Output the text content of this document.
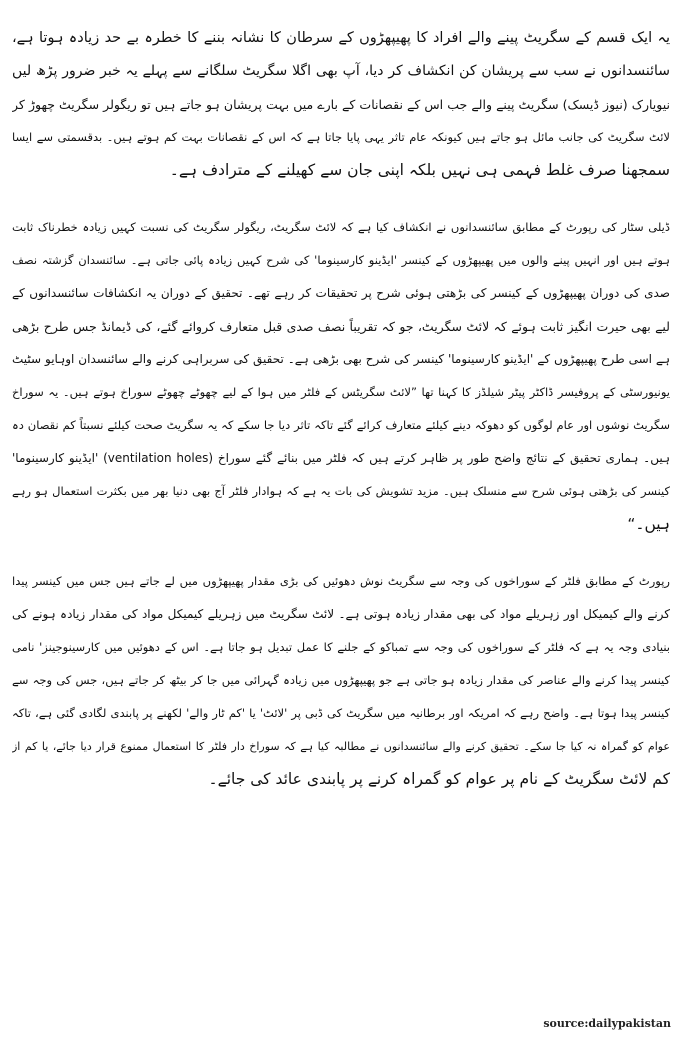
یہ ایک قسم کے سگریٹ پینے والے افراد کا پھیپھڑوں کے سرطان کا نشانہ بننے کا خطرہ بے حد زیادہ ہوتا ہے،
سائنسدانوں نے سب سے پریشان کن انکشاف کر دیا، آپ بھی اگلا سگریٹ سلگانے سے پہلے یہ خبر ضرور پڑھ لیں
نیویارک (نیوز ڈیسک) سگریٹ پینے والے جب اس کے نقصانات کے بارے میں بہت پریشان ہو جاتے ہیں تو ریگولر سگریٹ چھوڑ کر
لائٹ سگریٹ کی جانب مائل ہو جاتے ہیں کیونکہ عام تاثر یہی پایا جاتا ہے کہ اس کے نقصانات بہت کم ہوتے ہیں۔ بدقسمتی سے ایسا
سمجھنا صرف غلط فہمی ہی نہیں بلکہ اپنی جان سے کھیلنے کے مترادف ہے۔
ڈیلی سٹار کی رپورٹ کے مطابق سائنسدانوں نے انکشاف کیا ہے کہ لائٹ سگریٹ، ریگولر سگریٹ کی نسبت کہیں زیادہ خطرناک ثابت
ہوتے ہیں اور انہیں پینے والوں میں پھیپھڑوں کے کینسر 'ایڈینو کارسینوما' کی شرح کہیں زیادہ پائی جاتی ہے۔ سائنسدان گزشتہ نصف
صدی کی دوران پھیپھڑوں کے کینسر کی بڑھتی ہوئی شرح پر تحقیقات کر رہے تھے۔ تحقیق کے دوران یہ انکشافات سائنسدانوں کے
لیے بھی حیرت انگیز ثابت ہوئے کہ لائٹ سگریٹ، جو کہ تقریباً نصف صدی قبل متعارف کروائے گئے، کی ڈیمانڈ جس طرح بڑھی
ہے اسی طرح پھیپھڑوں کے 'ایڈینو کارسینوما' کینسر کی شرح بھی بڑھی ہے۔ تحقیق کی سربراہی کرنے والے سائنسدان اوہایو سٹیٹ
یونیورسٹی کے پروفیسر ڈاکٹر پیٹر شیلڈز کا کہنا تھا ”لائٹ سگریٹس کے فلٹر میں ہوا کے لیے چھوٹے چھوٹے سوراخ ہوتے ہیں۔ یہ سوراخ
سگریٹ نوشوں اور عام لوگوں کو دھوکہ دینے کیلئے متعارف کرائے گئے تاکہ تاثر دیا جا سکے کہ یہ سگریٹ صحت کیلئے نسبتاً کم نقصان دہ
ہیں۔ ہماری تحقیق کے نتائج واضح طور پر ظاہر کرتے ہیں کہ فلٹر میں بنائے گئے سوراخ (ventilation holes) 'ایڈینو کارسینوما'
کینسر کی بڑھتی ہوئی شرح سے منسلک ہیں۔ مزید تشویش کی بات یہ ہے کہ ہوادار فلٹر آج بھی دنیا بھر میں بکثرت استعمال ہو رہے
ہیں۔“
رپورٹ کے مطابق فلٹر کے سوراخوں کی وجہ سے سگریٹ نوش دھوئیں کی بڑی مقدار پھیپھڑوں میں لے جاتے ہیں جس میں کینسر پیدا
کرنے والے کیمیکل اور زہریلے مواد کی بھی مقدار زیادہ ہوتی ہے۔ لائٹ سگریٹ میں زہریلے کیمیکل مواد کی مقدار زیادہ ہونے کی
بنیادی وجہ یہ ہے کہ فلٹر کے سوراخوں کی وجہ سے تمباکو کے جلنے کا عمل تبدیل ہو جاتا ہے۔ اس کے دھوئیں میں کارسینوجینز' نامی
کینسر پیدا کرنے والے عناصر کی مقدار زیادہ ہو جاتی ہے جو پھیپھڑوں میں زیادہ گہرائی میں جا کر بیٹھ کر جاتے ہیں، جس کی وجہ سے
کینسر پیدا ہوتا ہے۔ واضح رہے کہ امریکہ اور برطانیہ میں سگریٹ کی ڈبی پر 'لائٹ' یا 'کم ٹار والے' لکھنے پر پابندی لگادی گئی ہے، تاکہ
عوام کو گمراہ نہ کیا جا سکے۔ تحقیق کرنے والے سائنسدانوں نے مطالبہ کیا ہے کہ سوراخ دار فلٹر کا استعمال ممنوع قرار دیا جائے، یا کم از
کم لائٹ سگریٹ کے نام پر عوام کو گمراہ کرنے پر پابندی عائد کی جائے۔
source:dailypakistan
